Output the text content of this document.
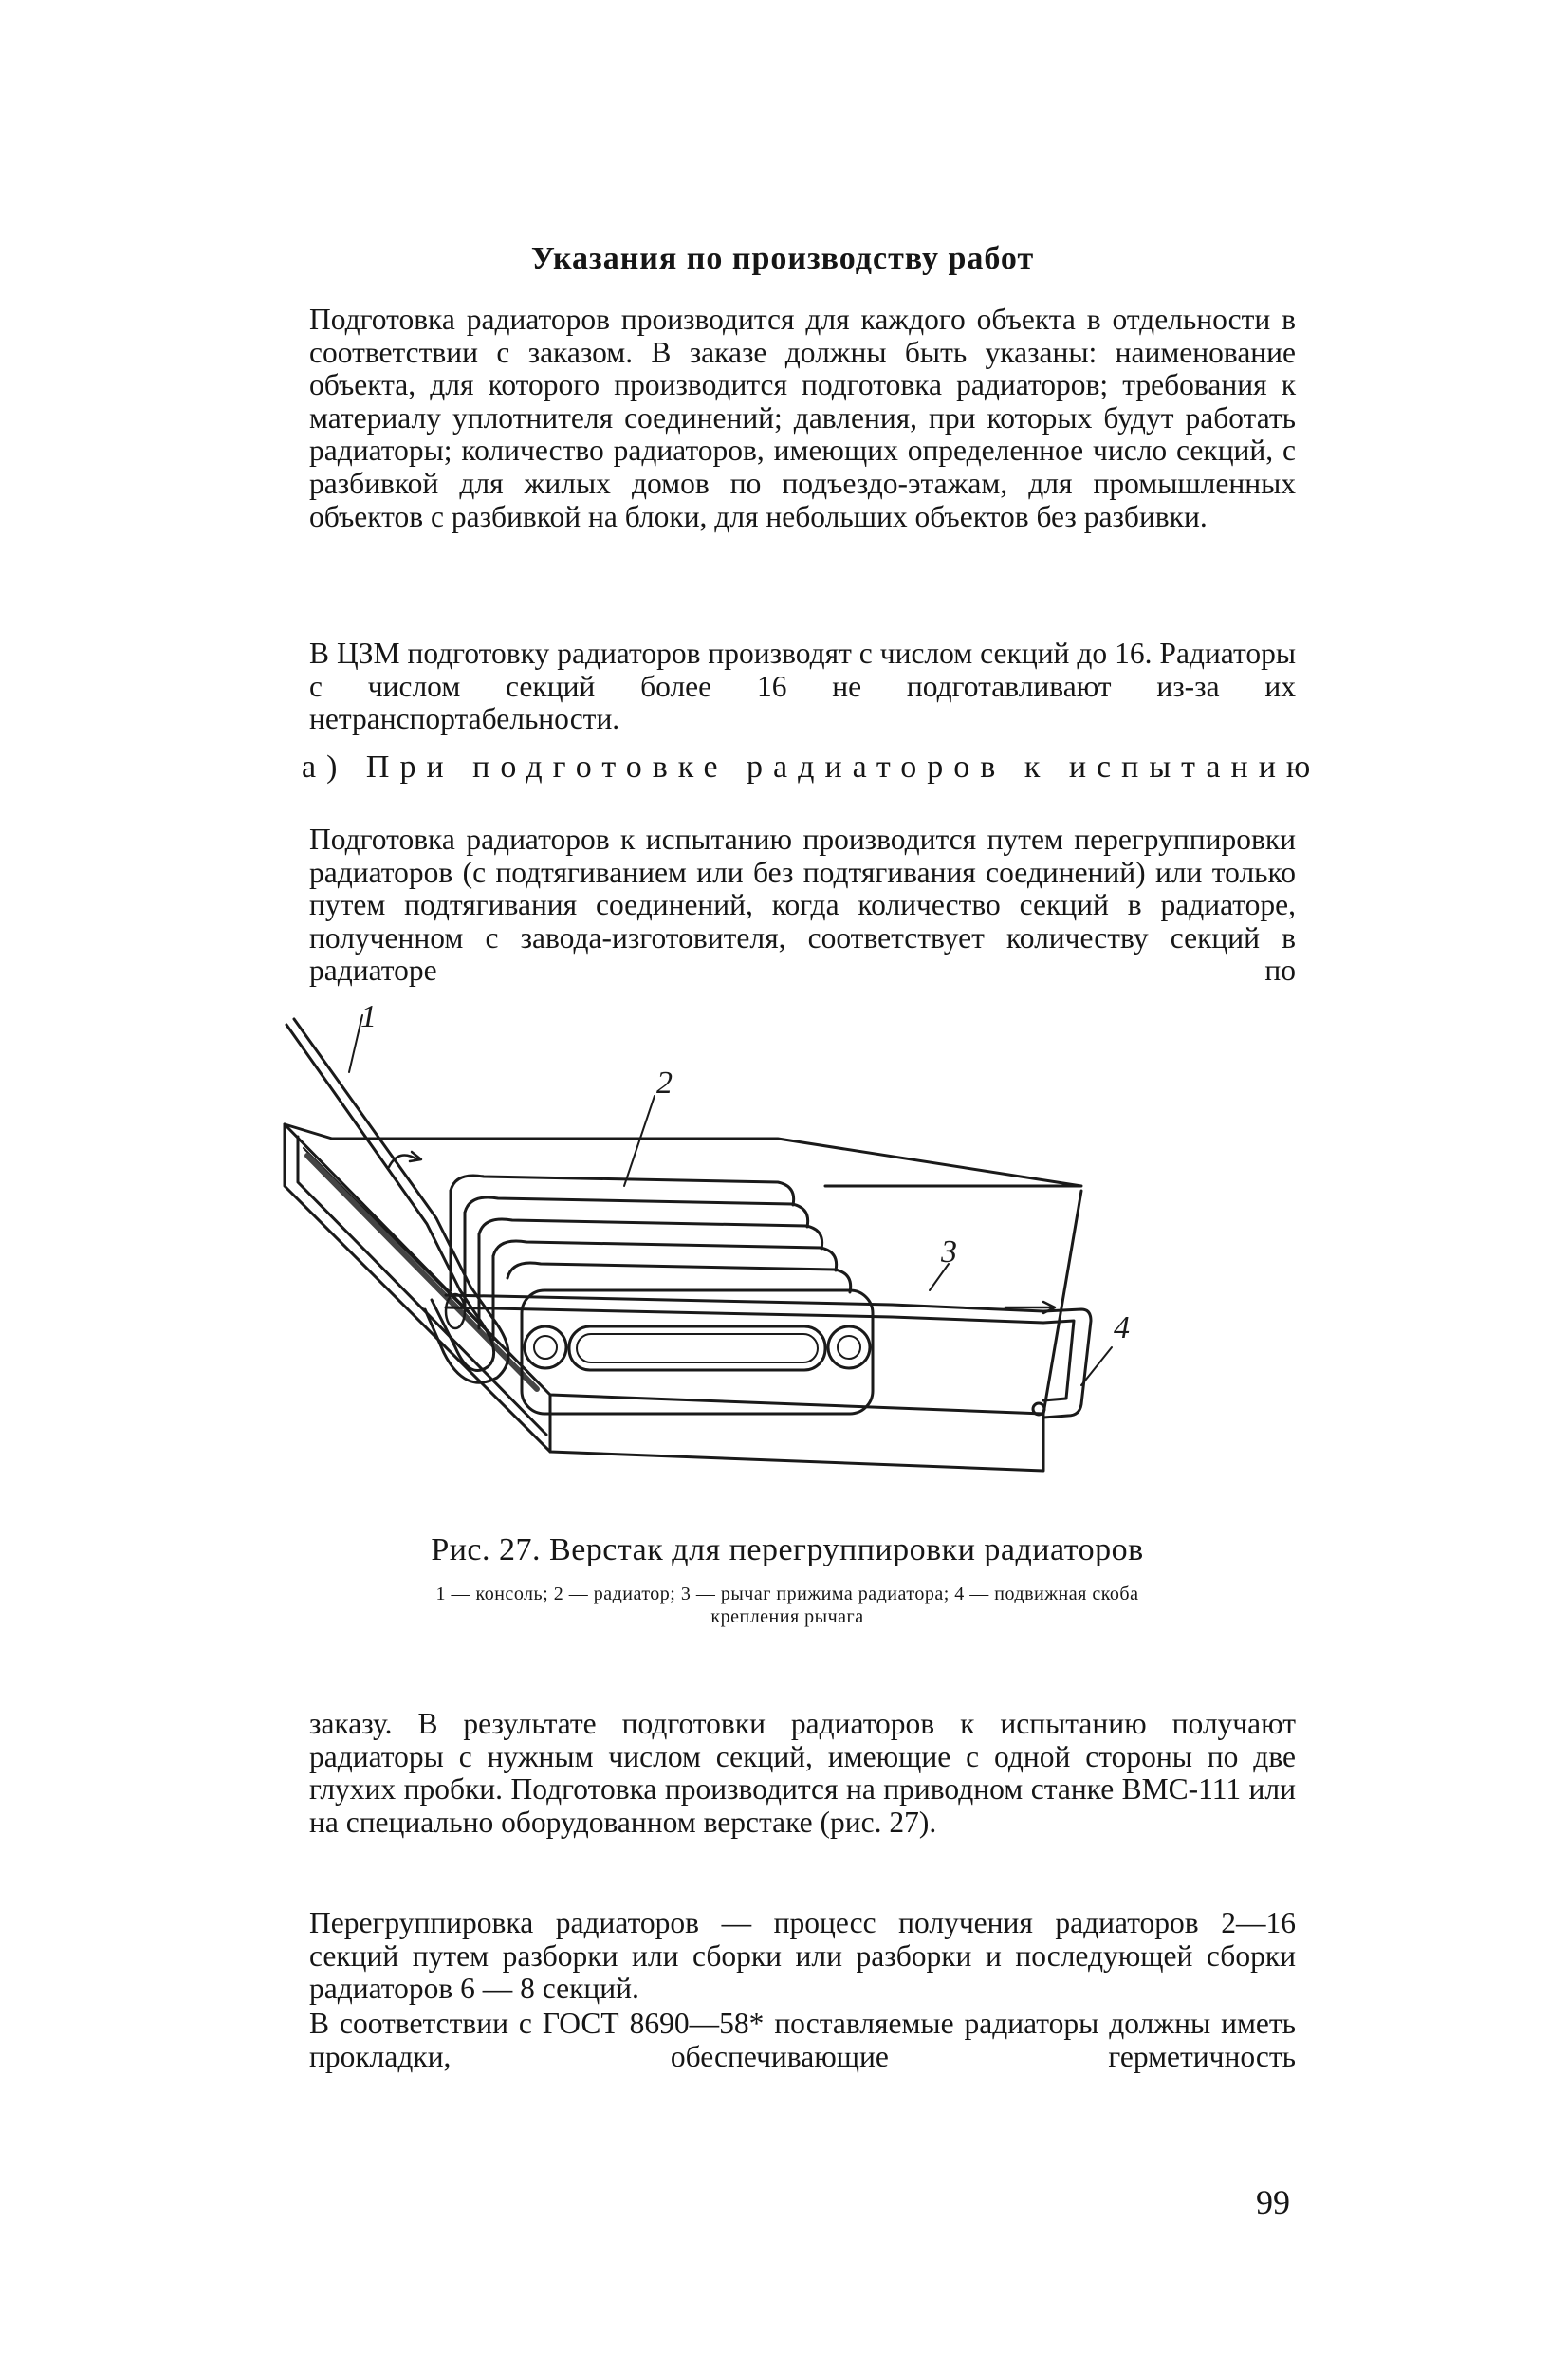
Указания по производству работ

Подготовка радиаторов производится для каждого объекта в отдельности в соответствии с заказом. В заказе должны быть указаны: наименование объекта, для которого производится подготовка радиаторов; требования к материалу уплотнителя соединений; давления, при которых будут работать радиаторы; количество радиаторов, имеющих определенное число секций, с разбивкой для жилых домов по подъездо-этажам, для промышленных объектов с разбивкой на блоки, для небольших объектов без разбивки.

В ЦЗМ подготовку радиаторов производят с числом секций до 16. Радиаторы с числом секций более 16 не подготавливают из-за их нетранспортабельности.

а) При подготовке радиаторов к испытанию

Подготовка радиаторов к испытанию производится путем перегруппировки радиаторов (с подтягиванием или без подтягивания соединений) или только путем подтягивания соединений, когда количество секций в радиаторе, полученном с завода-изготовителя, соответствует количеству секций в радиаторе по

1
2
3
4
Рис. 27. Верстак для перегруппировки радиаторов
1 — консоль; 2 — радиатор; 3 — рычаг прижима радиатора; 4 — подвижная скоба
крепления рычага

заказу. В результате подготовки радиаторов к испытанию получают радиаторы с нужным числом секций, имеющие с одной стороны по две глухих пробки. Подготовка производится на приводном станке ВМС-111 или на специально оборудованном верстаке (рис. 27).

Перегруппировка радиаторов — процесс получения радиаторов 2—16 секций путем разборки или сборки или разборки и последующей сборки радиаторов 6 — 8 секций.

В соответствии с ГОСТ 8690—58* поставляемые радиаторы должны иметь прокладки, обеспечивающие герметичность

99
